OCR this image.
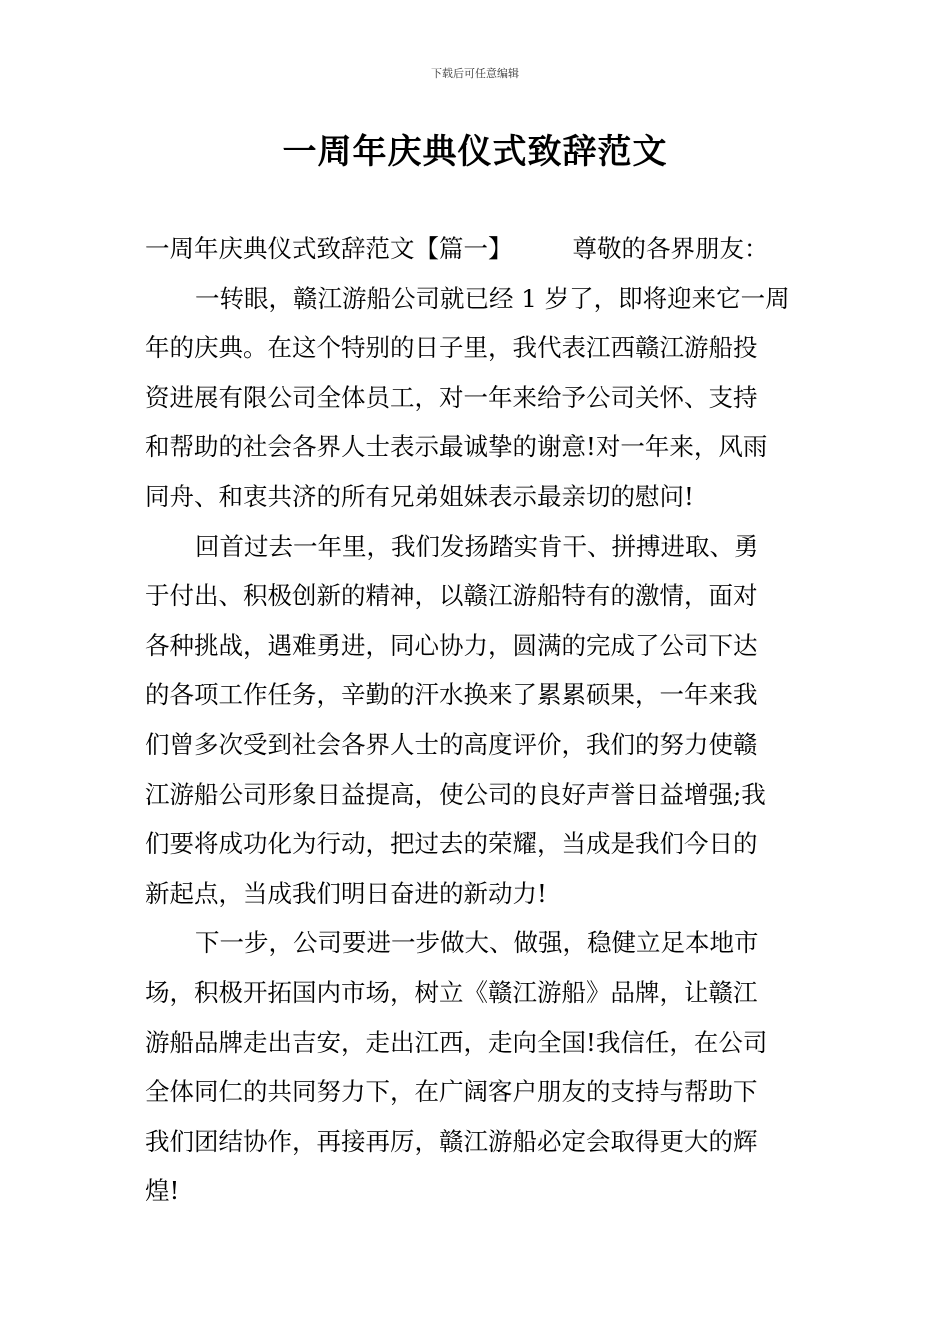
下载后可任意编辑
一周年庆典仪式致辞范文
一周年庆典仪式致辞范文【篇一】 尊敬的各界朋友：
一转眼，赣江游船公司就已经 1 岁了，即将迎来它一周
年的庆典。在这个特别的日子里，我代表江西赣江游船投
资进展有限公司全体员工，对一年来给予公司关怀、支持
和帮助的社会各界人士表示最诚挚的谢意!对一年来，风雨
同舟、和衷共济的所有兄弟姐妹表示最亲切的慰问!
回首过去一年里，我们发扬踏实肯干、拼搏进取、勇
于付出、积极创新的精神，以赣江游船特有的激情，面对
各种挑战，遇难勇进，同心协力，圆满的完成了公司下达
的各项工作任务，辛勤的汗水换来了累累硕果，一年来我
们曾多次受到社会各界人士的高度评价，我们的努力使赣
江游船公司形象日益提高，使公司的良好声誉日益增强;我
们要将成功化为行动，把过去的荣耀，当成是我们今日的
新起点，当成我们明日奋进的新动力!
下一步，公司要进一步做大、做强，稳健立足本地市
场，积极开拓国内市场，树立《赣江游船》品牌，让赣江
游船品牌走出吉安，走出江西，走向全国!我信任，在公司
全体同仁的共同努力下，在广阔客户朋友的支持与帮助下
我们团结协作，再接再厉，赣江游船必定会取得更大的辉
煌!
